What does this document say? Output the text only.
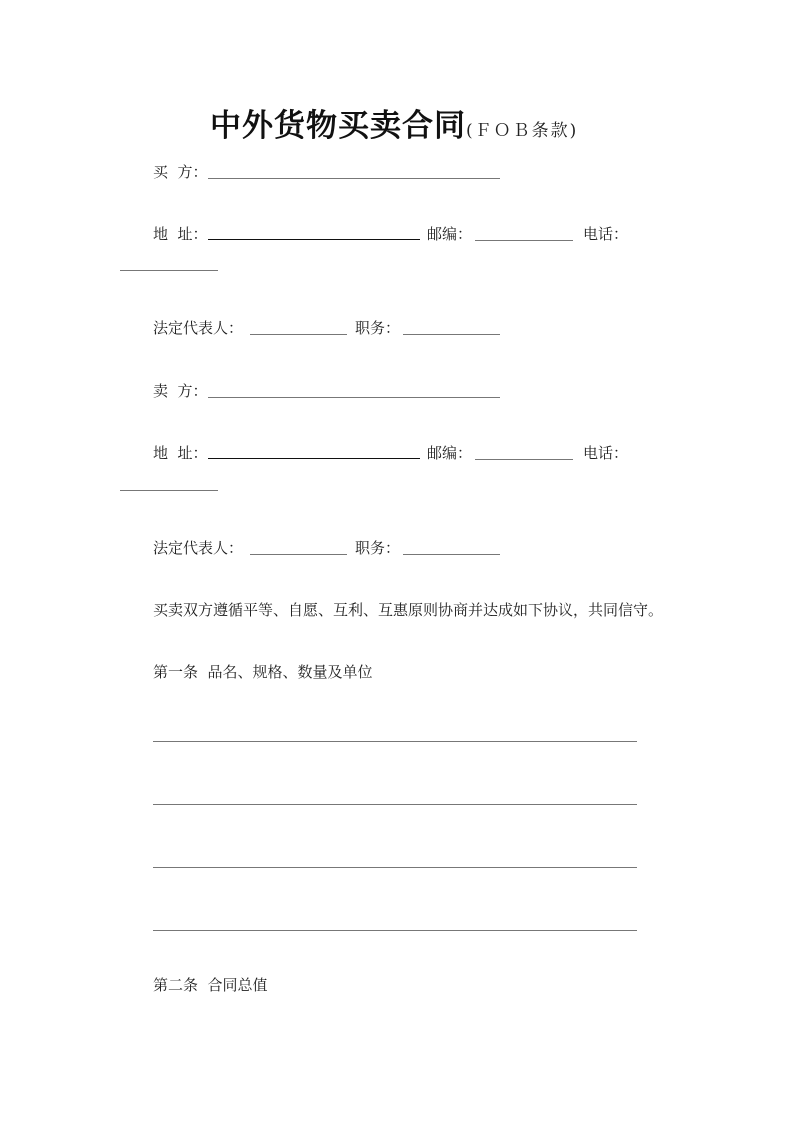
中外货物买卖合同(ＦＯＢ条款)
买  方：
地  址：	邮编：	电话：
法定代表人：	职务：
卖  方：
地  址：	邮编：	电话：
法定代表人：	职务：
买卖双方遵循平等、自愿、互利、互惠原则协商并达成如下协议，共同信守。
第一条  品名、规格、数量及单位
第二条  合同总值
